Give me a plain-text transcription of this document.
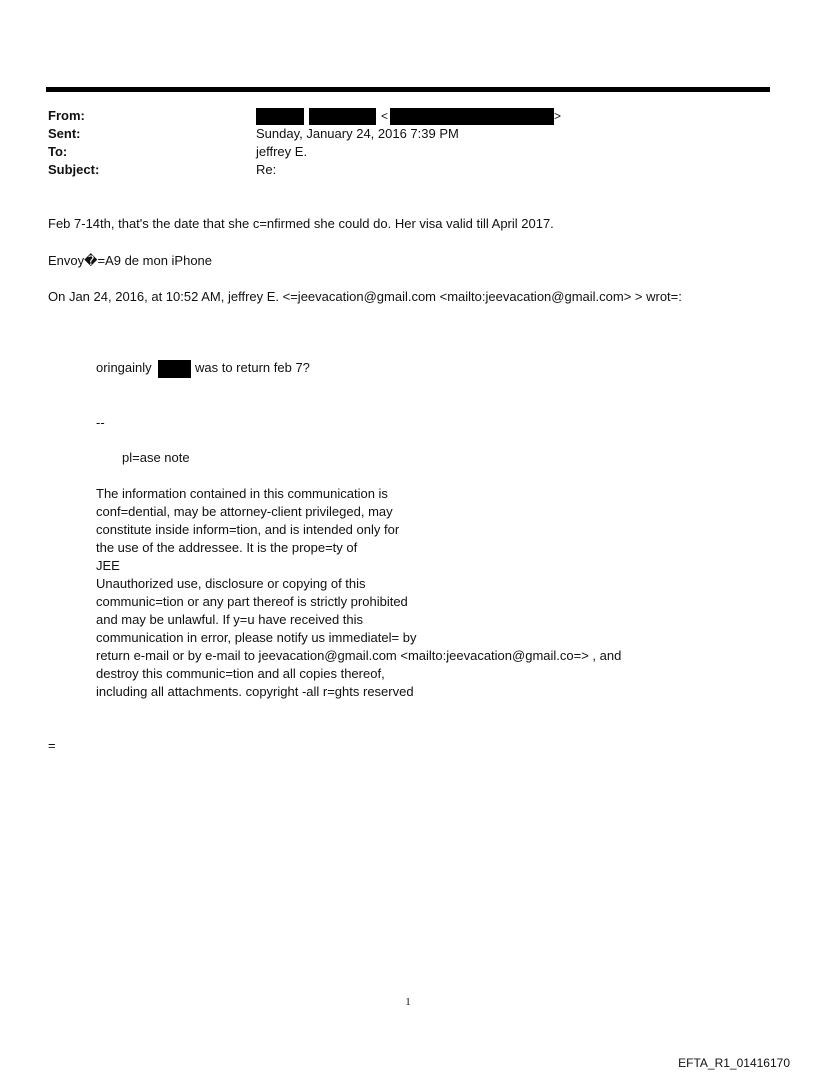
From:
Sent:
To:
Subject:
<	>
Sunday, January 24, 2016 7:39 PM
jeffrey E.
Re:
Feb 7-14th, that's the date that she c=nfirmed she could do. Her visa valid till April 2017.
Envoy�=A9 de mon iPhone
On Jan 24, 2016, at 10:52 AM, jeffrey E. <=jeevacation@gmail.com <mailto:jeevacation@gmail.com> > wrot=:
oringainly	was to return feb 7?
--
pl=ase note
The information contained in this communication is
conf=dential, may be attorney-client privileged, may
constitute inside inform=tion, and is intended only for
the use of the addressee. It is the prope=ty of
JEE
Unauthorized use, disclosure or copying of this
communic=tion or any part thereof is strictly prohibited
and may be unlawful. If y=u have received this
communication in error, please notify us immediatel= by
return e-mail or by e-mail to jeevacation@gmail.com <mailto:jeevacation@gmail.co=> , and
destroy this communic=tion and all copies thereof,
including all attachments. copyright -all r=ghts reserved
=
1
EFTA_R1_01416170
